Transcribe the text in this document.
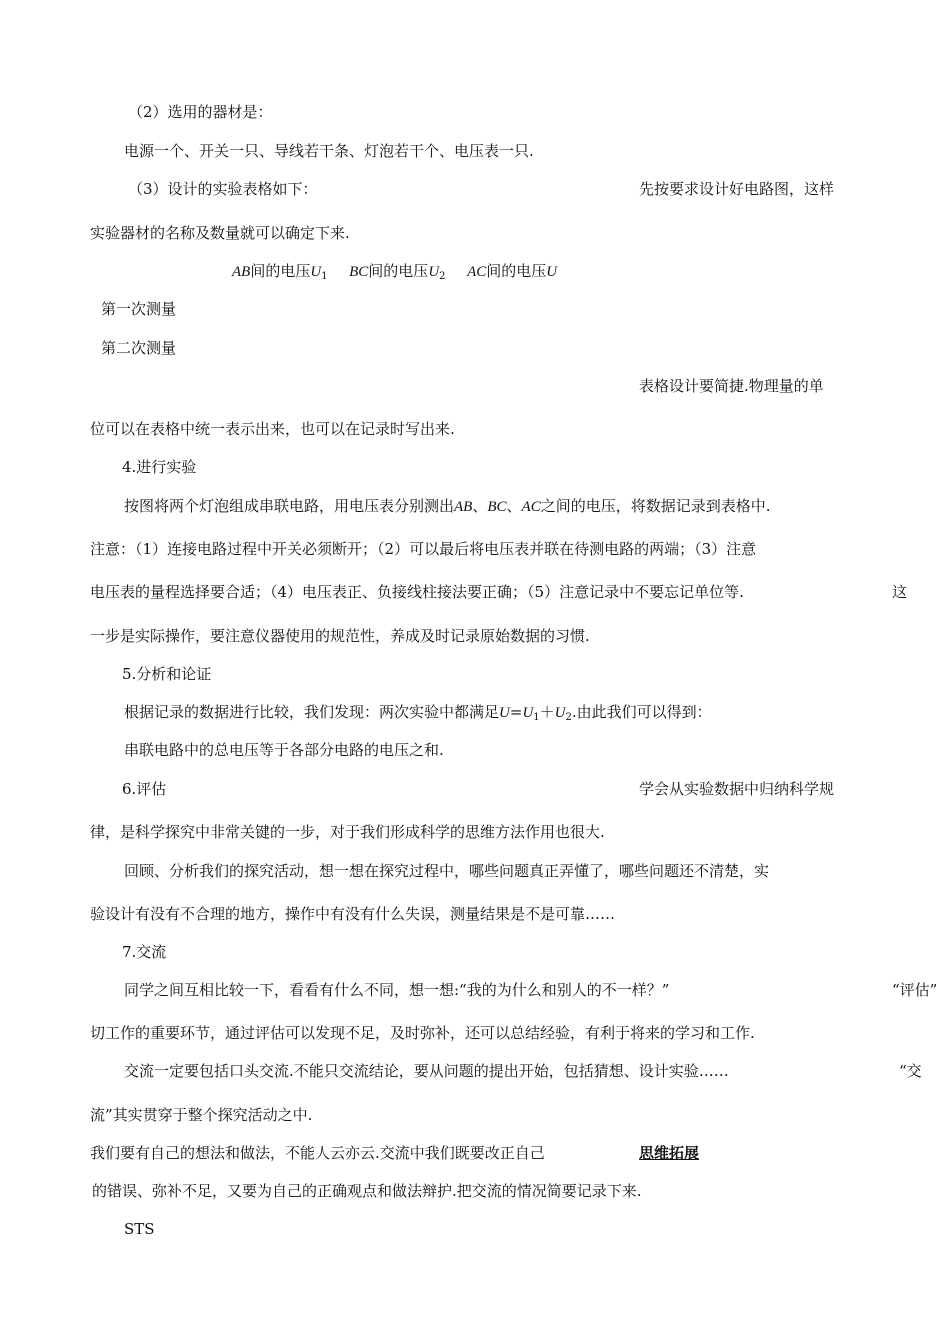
（2）选用的器材是：
电源一个、开关一只、导线若干条、灯泡若干个、电压表一只.
（3）设计的实验表格如下：	先按要求设计好电路图，这样
实验器材的名称及数量就可以确定下来.
AB间的电压$U_1$ BC间的电压$U_2$ AC间的电压U
第一次测量
第二次测量
表格设计要简捷.物理量的单
位可以在表格中统一表示出来，也可以在记录时写出来.
4.进行实验
按图将两个灯泡组成串联电路，用电压表分别测出AB、BC、AC之间的电压，将数据记录到表格中.
注意：（1）连接电路过程中开关必须断开；（2）可以最后将电压表并联在待测电路的两端；（3）注意
电压表的量程选择要合适；（4）电压表正、负接线柱接法要正确；（5）注意记录中不要忘记单位等.	这
一步是实际操作，要注意仪器使用的规范性，养成及时记录原始数据的习惯.
5.分析和论证
根据记录的数据进行比较，我们发现：两次实验中都满足$U=U_1+U_2$.由此我们可以得到：
串联电路中的总电压等于各部分电路的电压之和.
6.评估	学会从实验数据中归纳科学规
律，是科学探究中非常关键的一步，对于我们形成科学的思维方法作用也很大.
回顾、分析我们的探究活动，想一想在探究过程中，哪些问题真正弄懂了，哪些问题还不清楚，实
验设计有没有不合理的地方，操作中有没有什么失误，测量结果是不是可靠……
7.交流
同学之间互相比较一下，看看有什么不同，想一想:“我的为什么和别人的不一样？”	“评估”
切工作的重要环节，通过评估可以发现不足，及时弥补，还可以总结经验，有利于将来的学习和工作.
交流一定要包括口头交流.不能只交流结论，要从问题的提出开始，包括猜想、设计实验……	“交
流”其实贯穿于整个探究活动之中.
我们要有自己的想法和做法，不能人云亦云.交流中我们既要改正自己	思维拓展
的错误、弥补不足，又要为自己的正确观点和做法辩护.把交流的情况简要记录下来.
STS
